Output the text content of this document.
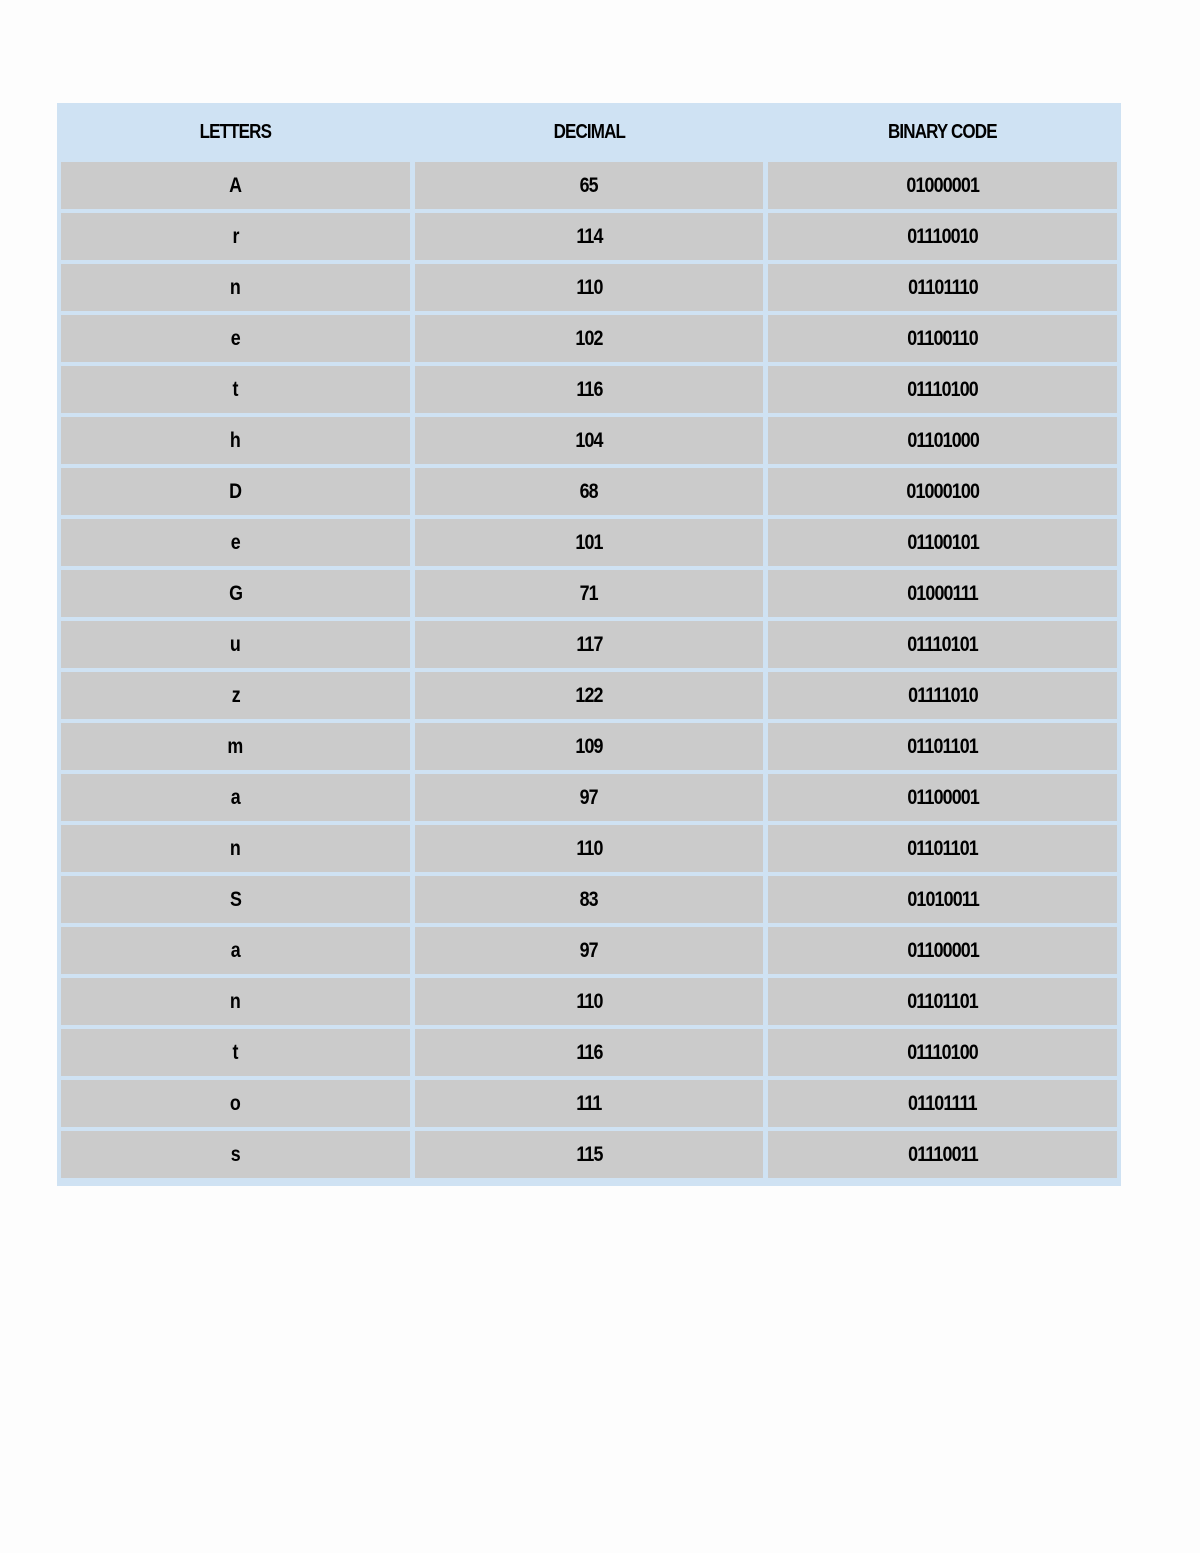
LETTERS	DECIMAL	BINARY CODE
A	65	01000001
r	114	01110010
n	110	01101110
e	102	01100110
t	116	01110100
h	104	01101000
D	68	01000100
e	101	01100101
G	71	01000111
u	117	01110101
z	122	01111010
m	109	01101101
a	97	01100001
n	110	01101101
S	83	01010011
a	97	01100001
n	110	01101101
t	116	01110100
o	111	01101111
s	115	01110011
